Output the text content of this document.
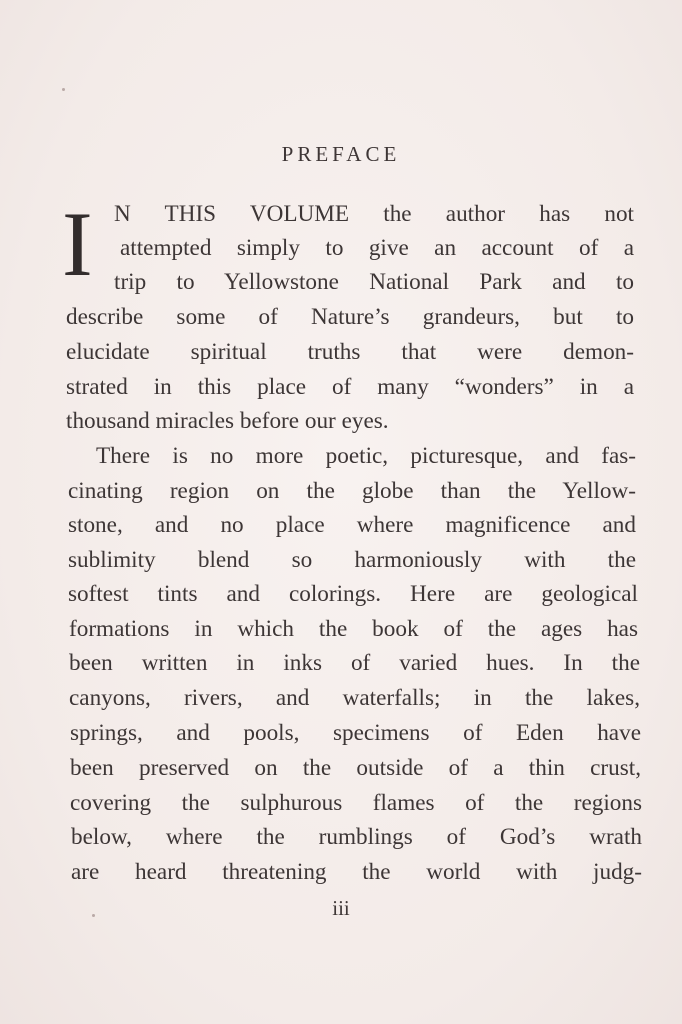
PREFACE
I N THIS VOLUME the author has not
attempted simply to give an account of a
trip to Yellowstone National Park and to
describe some of Nature’s grandeurs, but to
elucidate spiritual truths that were demon-
strated in this place of many “wonders” in a
thousand miracles before our eyes.
There is no more poetic, picturesque, and fas-
cinating region on the globe than the Yellow-
stone, and no place where magnificence and
sublimity blend so harmoniously with the
softest tints and colorings. Here are geological
formations in which the book of the ages has
been written in inks of varied hues. In the
canyons, rivers, and waterfalls; in the lakes,
springs, and pools, specimens of Eden have
been preserved on the outside of a thin crust,
covering the sulphurous flames of the regions
below, where the rumblings of God’s wrath
are heard threatening the world with judg-
iii
